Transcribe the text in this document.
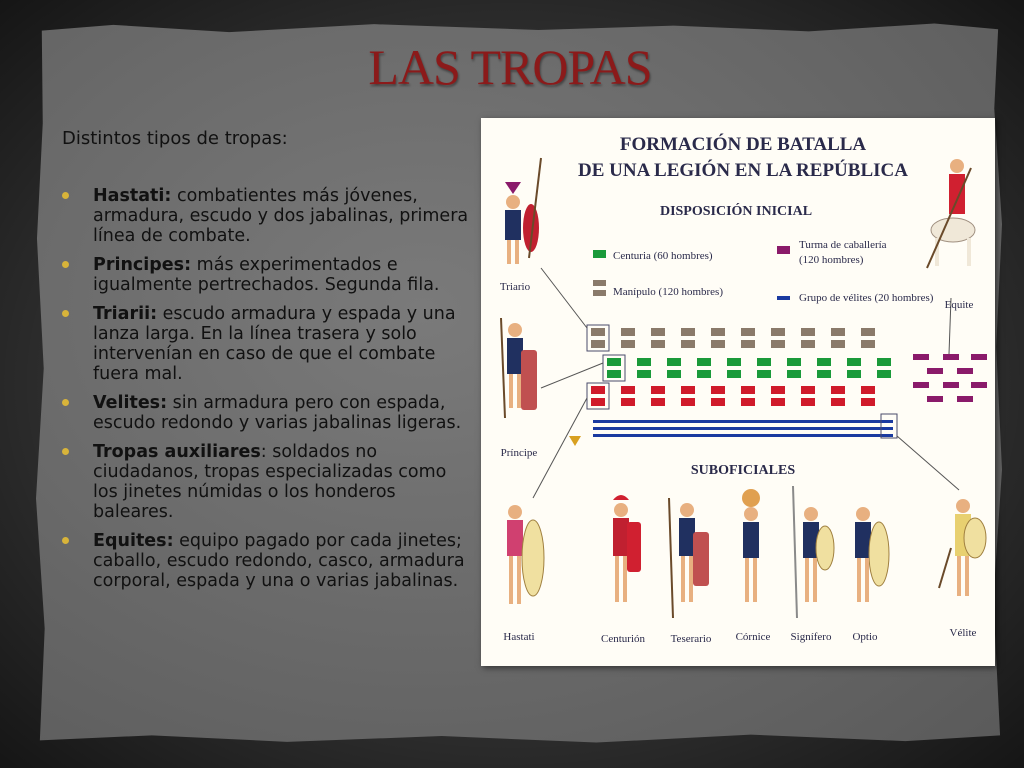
LAS TROPAS
Distintos tipos de tropas:
Hastati: combatientes más jóvenes, armadura, escudo y dos jabalinas, primera línea de combate.
Principes: más experimentados e igualmente pertrechados. Segunda fila.
Triarii: escudo armadura y espada y una lanza larga. En la línea trasera y solo intervenían en caso de que el combate fuera mal.
Velites: sin armadura pero con espada, escudo redondo y varias jabalinas ligeras.
Tropas auxiliares: soldados no ciudadanos, tropas especializadas como los jinetes númidas o los honderos baleares.
Equites: equipo pagado por cada jinetes; caballo, escudo redondo, casco, armadura corporal, espada y una o varias jabalinas.
FORMACIÓN DE BATALLA
DE UNA LEGIÓN EN LA REPÚBLICA
DISPOSICIÓN INICIAL
Centuria (60 hombres)
Manípulo (120 hombres)
Turma de caballería
(120 hombres)
Grupo de vélites (20 hombres)
SUBOFICIALES
Triario
Príncipe
Hastati
Equite
Centurión Teserario Córnice Signífero Optio	Vélite
